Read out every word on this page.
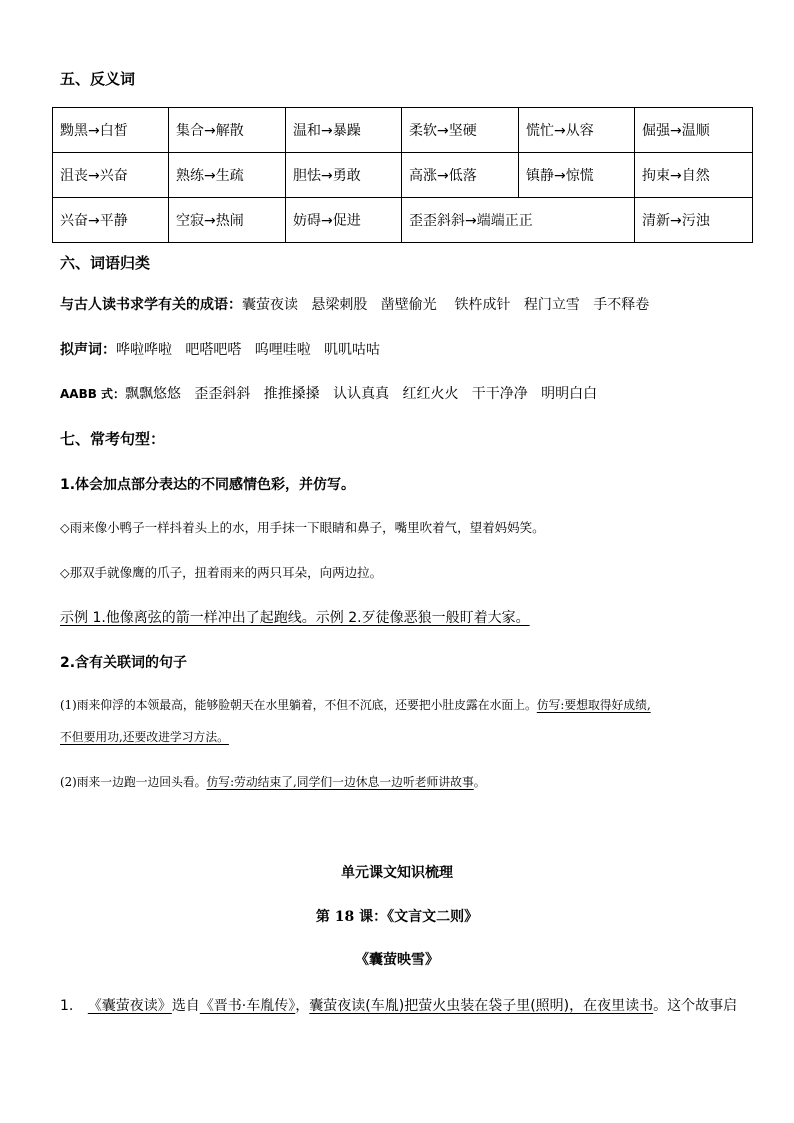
五、反义词
黝黑→白皙	集合→解散	温和→暴躁	柔软→坚硬	慌忙→从容	倔强→温顺
沮丧→兴奋	熟练→生疏	胆怯→勇敢	高涨→低落	镇静→惊慌	拘束→自然
兴奋→平静	空寂→热闹	妨碍→促进	歪歪斜斜→端端正正		清新→污浊
六、词语归类
与古人读书求学有关的成语：囊萤夜读   悬梁刺股   凿壁偷光    铁杵成针   程门立雪   手不释卷
拟声词：哗啦哗啦   吧嗒吧嗒   呜哩哇啦   叽叽咕咕
AABB 式：飘飘悠悠   歪歪斜斜   推推搡搡   认认真真   红红火火   干干净净   明明白白
七、常考句型：
1.体会加点部分表达的不同感情色彩，并仿写。
◇雨来像小鸭子一样抖着头上的水，用手抹一下眼睛和鼻子，嘴里吹着气，望着妈妈笑。
◇那双手就像鹰的爪子，扭着雨来的两只耳朵，向两边拉。
示例 1.他像离弦的箭一样冲出了起跑线。示例 2.歹徒像恶狼一般盯着大家。
2.含有关联词的句子
(1)雨来仰浮的本领最高，能够脸朝天在水里躺着，不但不沉底，还要把小肚皮露在水面上。仿写:要想取得好成绩,
不但要用功,还要改进学习方法。
(2)雨来一边跑一边回头看。仿写:劳动结束了,同学们一边休息一边听老师讲故事。
单元课文知识梳理
第 18 课：《文言文二则》
《囊萤映雪》
1. 《囊萤夜读》选自《晋书·车胤传》，囊萤夜读(车胤)把萤火虫装在袋子里(照明)，在夜里读书。这个故事启
